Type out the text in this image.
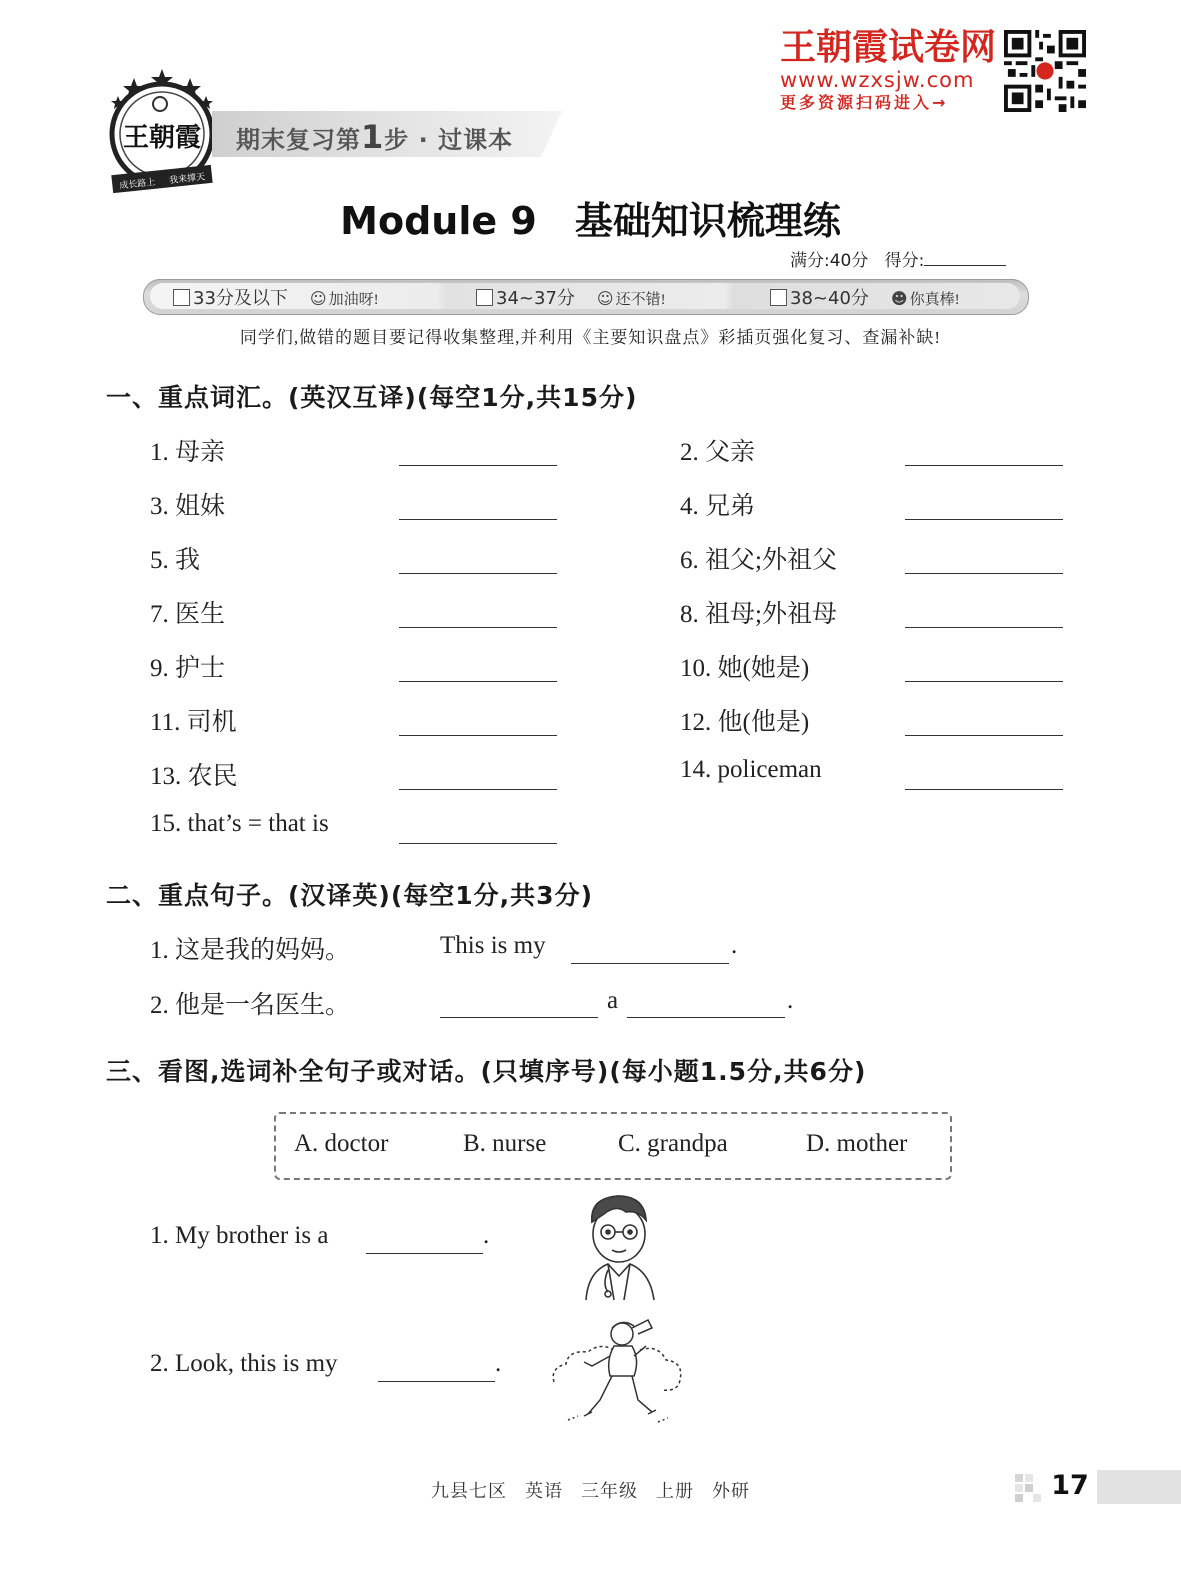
王朝霞
成长路上 我来撑天
期末复习第1步 · 过课本
王朝霞试卷网
www.wzxsjw.com
更多资源扫码进入→
Module 9　基础知识梳理练
满分:40分 得分:
33分及以下 ☺ 加油呀!	34~37分 ☺ 还不错!	38~40分 ☻ 你真棒!
同学们,做错的题目要记得收集整理,并利用《主要知识盘点》彩插页强化复习、查漏补缺!
一、重点词汇。(英汉互译)(每空1分,共15分)
1. 母亲	2. 父亲
3. 姐妹	4. 兄弟
5. 我	6. 祖父;外祖父
7. 医生	8. 祖母;外祖母
9. 护士	10. 她(她是)
11. 司机	12. 他(他是)
13. 农民	14. policeman
15. that’s = that is
二、重点句子。(汉译英)(每空1分,共3分)
1. 这是我的妈妈。	This is my	.
2. 他是一名医生。	a	.
三、看图,选词补全句子或对话。(只填序号)(每小题1.5分,共6分)
A. doctor	B. nurse	C. grandpa	D. mother
1. My brother is a	.
2. Look, this is my	.
九县七区 英语 三年级 上册 外研	17
